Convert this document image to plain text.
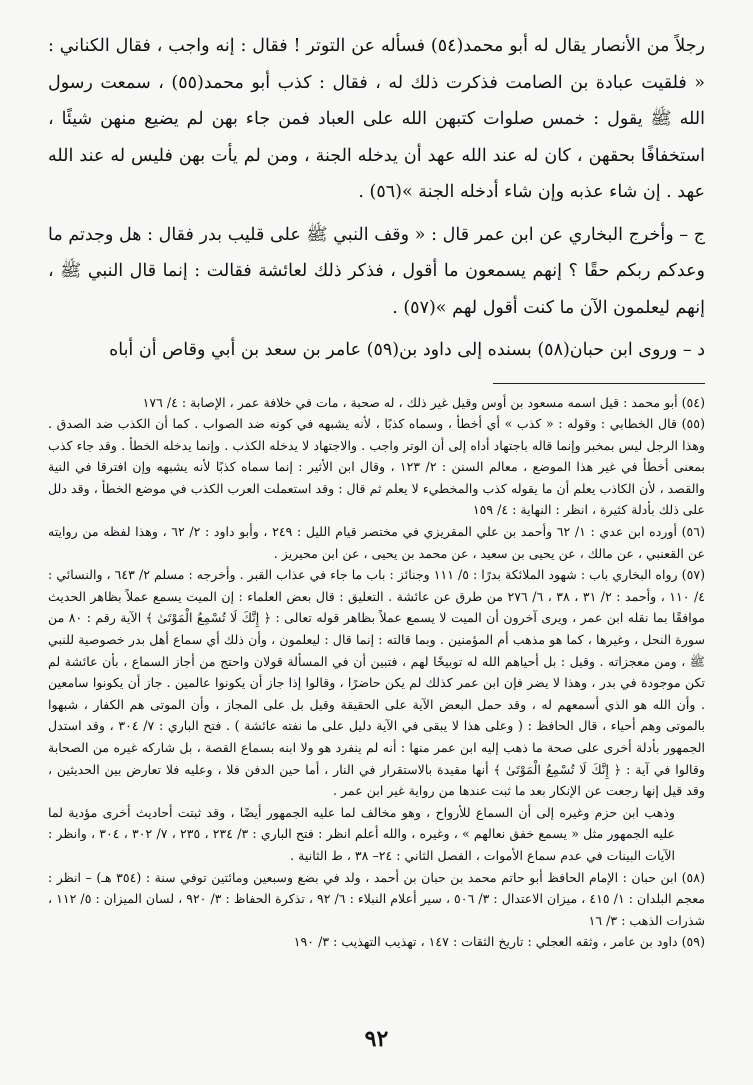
رجلاً من الأنصار يقال له أبو محمد(٥٤) فسأله عن التوتر ! فقال : إنه واجب ، فقال الكناني : « فلقيت عبادة بن الصامت فذكرت ذلك له ، فقال : كذب أبو محمد(٥٥) ، سمعت رسول الله ﷺ يقول : خمس صلوات كتبهن الله على العباد فمن جاء بهن لم يضيع منهن شيئًا ، استخفافًا بحقهن ، كان له عند الله عهد أن يدخله الجنة ، ومن لم يأت بهن فليس له عند الله عهد . إن شاء عذبه وإن شاء أدخله الجنة »(٥٦) .

ج – وأخرج البخاري عن ابن عمر قال : « وقف النبي ﷺ على قليب بدر فقال : هل وجدتم ما وعدكم ربكم حقًا ؟ إنهم يسمعون ما أقول ، فذكر ذلك لعائشة فقالت : إنما قال النبي ﷺ ، إنهم ليعلمون الآن ما كنت أقول لهم »(٥٧) .

د – وروى ابن حبان(٥٨) بسنده إلى داود بن(٥٩) عامر بن سعد بن أبي وقاص أن أباه

(٥٤) أبو محمد : قيل اسمه مسعود بن أوس وقيل غير ذلك ، له صحبة ، مات في خلافة عمر ، الإصابة : ٤/ ١٧٦

(٥٥) قال الخطابي : وقوله : « كذب » أي أخطأ ، وسماه كذبًا ، لأنه يشبهه في كونه ضد الصواب . كما أن الكذب ضد الصدق . وهذا الرجل ليس بمخبر وإنما قاله باجتهاد أداه إلى أن الوتر واجب . والاجتهاد لا يدخله الكذب . وإنما يدخله الخطأ . وقد جاء كذب بمعنى أخطأ في غير هذا الموضع ، معالم السنن : ٢/ ١٢٣ ، وقال ابن الأثير : إنما سماه كذبًا لأنه يشبهه وإن افترقا في النية والقصد ، لأن الكاذب يعلم أن ما يقوله كذب والمخطيء لا يعلم ثم قال : وقد استعملت العرب الكذب في موضع الخطأ ، وقد دلل على ذلك بأدلة كثيرة ، انظر : النهاية : ٤/ ١٥٩

(٥٦) أورده ابن عدي : ١/ ٦٢ وأحمد بن علي المقريزي في مختصر قيام الليل : ٢٤٩ ، وأبو داود : ٢/ ٦٢ ، وهذا لفظه من روايته عن القعنبي ، عن مالك ، عن يحيى بن سعيد ، عن محمد بن يحيى ، عن ابن محيريز .

(٥٧) رواه البخاري باب : شهود الملائكة بدرًا : ٥/ ١١١ وجنائز : باب ما جاء في عذاب القبر . وأخرجه : مسلم ٢/ ٦٤٣ ، والنسائي : ٤/ ١١٠ ، وأحمد : ٢/ ٣١ ، ٣٨ ، ٦/ ٢٧٦ من طرق عن عائشة . التعليق : قال بعض العلماء : إن الميت يسمع عملاً بظاهر الحديث موافقًا بما نقله ابن عمر ، ويرى آخرون أن الميت لا يسمع عملاً بظاهر قوله تعالى : ﴿ إِنَّكَ لَا تُسْمِعُ الْمَوْتَىٰ ﴾ الآية رقم : ٨٠ من سورة النحل ، وغيرها ، كما هو مذهب أم المؤمنين . وبما قالته : إنما قال : ليعلمون ، وأن ذلك أي سماع أهل بدر خصوصية للنبي ﷺ ، ومن معجزاته . وقيل : بل أحياهم الله له توبيخًا لهم ، فتبين أن في المسألة قولان واحتج من أجاز السماع ، بأن عائشة لم تكن موجودة في بدر ، وهذا لا يضر فإن ابن عمر كذلك لم يكن حاضرًا ، وقالوا إذا جاز أن يكونوا عالمين . جاز أن يكونوا سامعين . وأن الله هو الذي أسمعهم له ، وقد حمل البعض الآية على الحقيقة وقيل بل على المجاز ، وأن الموتى هم الكفار ، شبهوا بالموتى وهم أحياء ، قال الحافظ : ( وعلى هذا لا يبقى في الآية دليل على ما نفته عائشة ) . فتح الباري : ٧/ ٣٠٤ ، وقد استدل الجمهور بأدلة أخرى على صحة ما ذهب إليه ابن عمر منها : أنه لم ينفرد هو ولا ابنه بسماع القصة ، بل شاركه غيره من الصحابة وقالوا في آية : ﴿ إِنَّكَ لَا تُسْمِعُ الْمَوْتَىٰ ﴾ أنها مقيدة بالاستقرار في النار ، أما حين الدفن فلا ، وعليه فلا تعارض بين الحديثين ، وقد قيل إنها رجعت عن الإنكار بعد ما ثبت عندها من رواية غير ابن عمر .

وذهب ابن حزم وغيره إلى أن السماع للأرواح ، وهو مخالف لما عليه الجمهور أيضًا ، وقد ثبتت أحاديث أخرى مؤدية لما عليه الجمهور مثل « يسمع خفق نعالهم » ، وغيره ، والله أعلم انظر : فتح الباري : ٣/ ٢٣٤ ، ٢٣٥ ، ٧/ ٣٠٢ ، ٣٠٤ ، وانظر : الآيات البينات في عدم سماع الأموات ، الفصل الثاني : ٢٤– ٣٨ ، ط الثانية .

(٥٨) ابن حبان : الإمام الحافظ أبو حاتم محمد بن حبان بن أحمد ، ولد في بضع وسبعين ومائتين توفي سنة : (٣٥٤ هـ) – انظر : معجم البلدان : ١/ ٤١٥ ، ميزان الاعتدال : ٣/ ٥٠٦ ، سير أعلام النبلاء : ٦/ ٩٢ ، تذكرة الحفاظ : ٣/ ٩٢٠ ، لسان الميزان : ٥/ ١١٢ ، شذرات الذهب : ٣/ ١٦

(٥٩) داود بن عامر ، وثقه العجلي : تاريخ الثقات : ١٤٧ ، تهذيب التهذيب : ٣/ ١٩٠

٩٢
